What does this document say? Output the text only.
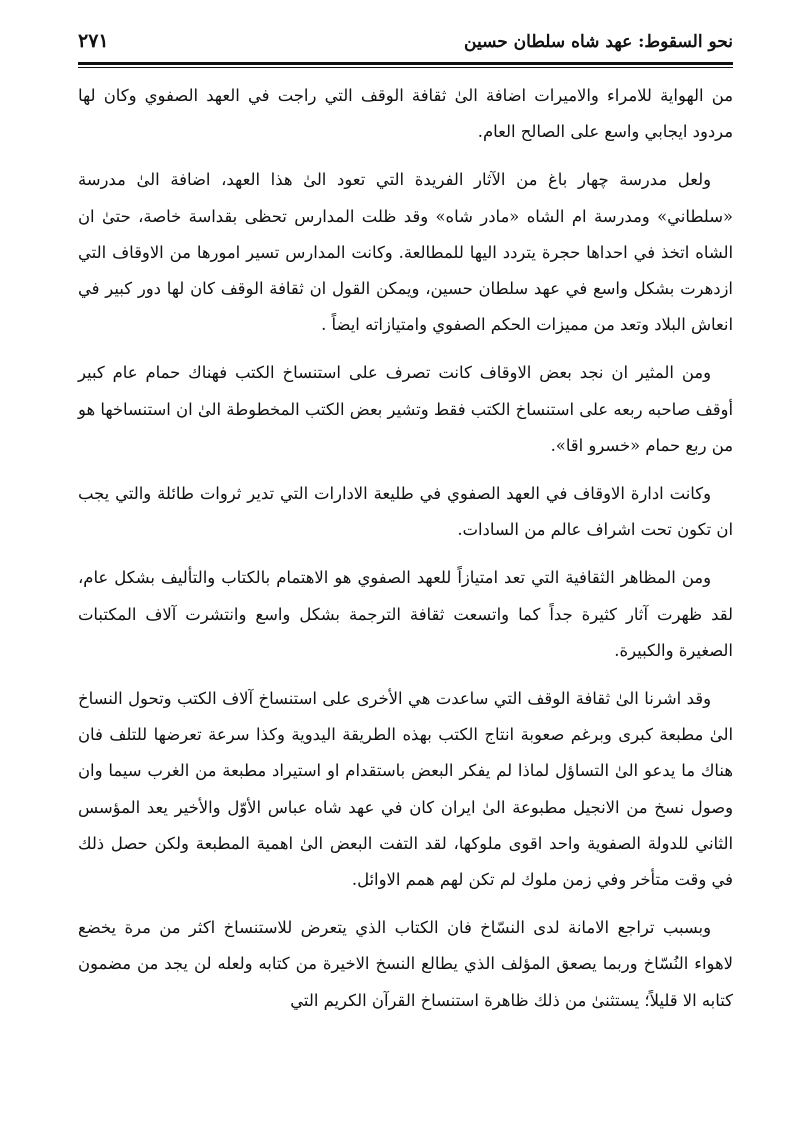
نحو السقوط: عهد شاه سلطان حسين
٢٧١

من الهواية للامراء والاميرات اضافة الىٰ ثقافة الوقف التي راجت في العهد الصفوي وكان لها مردود ايجابي واسع على الصالح العام.

ولعل مدرسة چهار باغ من الآثار الفريدة التي تعود الىٰ هذا العهد، اضافة الىٰ مدرسة «سلطاني» ومدرسة ام الشاه «مادر شاه» وقد ظلت المدارس تحظى بقداسة خاصة، حتىٰ ان الشاه اتخذ في احداها حجرة يتردد اليها للمطالعة. وكانت المدارس تسير امورها من الاوقاف التي ازدهرت بشكل واسع في عهد سلطان حسين، ويمكن القول ان ثقافة الوقف كان لها دور كبير في انعاش البلاد وتعد من مميزات الحكم الصفوي وامتيازاته ايضاً .

ومن المثير ان نجد بعض الاوقاف كانت تصرف على استنساخ الكتب فهناك حمام عام كبير أوقف صاحبه ربعه على استنساخ الكتب فقط وتشير بعض الكتب المخطوطة الىٰ ان استنساخها هو من ربع حمام «خسرو اقا».

وكانت ادارة الاوقاف في العهد الصفوي في طليعة الادارات التي تدير ثروات طائلة والتي يجب ان تكون تحت اشراف عالم من السادات.

ومن المظاهر الثقافية التي تعد امتيازاً للعهد الصفوي هو الاهتمام بالكتاب والتأليف بشكل عام، لقد ظهرت آثار كثيرة جداً كما واتسعت ثقافة الترجمة بشكل واسع وانتشرت آلاف المكتبات الصغيرة والكبيرة.

وقد اشرنا الىٰ ثقافة الوقف التي ساعدت هي الأخرى على استنساخ آلاف الكتب وتحول النساخ الىٰ مطبعة كبرى وبرغم صعوبة انتاج الكتب بهذه الطريقة اليدوية وكذا سرعة تعرضها للتلف فان هناك ما يدعو الىٰ التساؤل لماذا لم يفكر البعض باستقدام او استيراد مطبعة من الغرب سيما وان وصول نسخ من الانجيل مطبوعة الىٰ ايران كان في عهد شاه عباس الأوّل والأخير يعد المؤسس الثاني للدولة الصفوية واحد اقوى ملوكها، لقد التفت البعض الىٰ اهمية المطبعة ولكن حصل ذلك في وقت متأخر وفي زمن ملوك لم تكن لهم همم الاوائل.

وبسبب تراجع الامانة لدى النسّاخ فان الكتاب الذي يتعرض للاستنساخ اكثر من مرة يخضع لاهواء النُسّاخ وربما يصعق المؤلف الذي يطالع النسخ الاخيرة من كتابه ولعله لن يجد من مضمون كتابه الا قليلاً؛ يستثنىٰ من ذلك ظاهرة استنساخ القرآن الكريم التي
